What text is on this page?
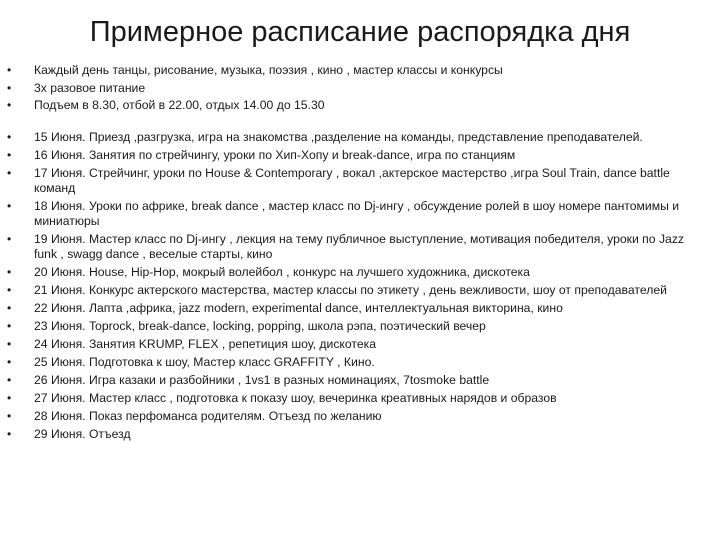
Примерное расписание распорядка дня
• Каждый день танцы, рисование, музыка, поэзия , кино , мастер классы и конкурсы
• 3х разовое питание
• Подъем в 8.30, отбой в 22.00, отдых 14.00 до 15.30
• 15 Июня. Приезд ,разгрузка, игра на знакомства ,разделение на команды, представление преподавателей.
• 16 Июня. Занятия по стрейчингу, уроки по Хип-Хопу и break-dance, игра по станциям
• 17 Июня. Стрейчинг, уроки по House & Contemporary , вокал ,актерское мастерство ,игра Soul Train, dance battle команд
• 18 Июня. Уроки по африке, break dance , мастер класс по Dj-ингу , обсуждение ролей в шоу номере пантомимы и миниатюры
• 19 Июня. Мастер класс по Dj-ингу , лекция на тему публичное выступление, мотивация победителя, уроки по Jazz funk , swagg dance , веселые старты, кино
• 20 Июня. House, Hip-Hop, мокрый волейбол , конкурс на лучшего художника, дискотека
• 21 Июня. Конкурс актерского мастерства, мастер классы по этикету , день вежливости, шоу от преподавателей
• 22 Июня. Лапта ,африка, jazz modern, experimental dance, интеллектуальная викторина, кино
• 23 Июня. Toprock, break-dance, locking, popping, школа рэпа, поэтический вечер
• 24 Июня. Занятия KRUMP, FLEX , репетиция шоу, дискотека
• 25 Июня. Подготовка к шоу, Мастер класс GRAFFITY , Кино.
• 26 Июня. Игра казаки и разбойники , 1vs1 в разных номинациях, 7tosmoke battle
• 27 Июня. Мастер класс , подготовка к показу шоу, вечеринка креативных нарядов и образов
• 28 Июня. Показ перфоманса родителям. Отъезд по желанию
• 29 Июня. Отъезд
